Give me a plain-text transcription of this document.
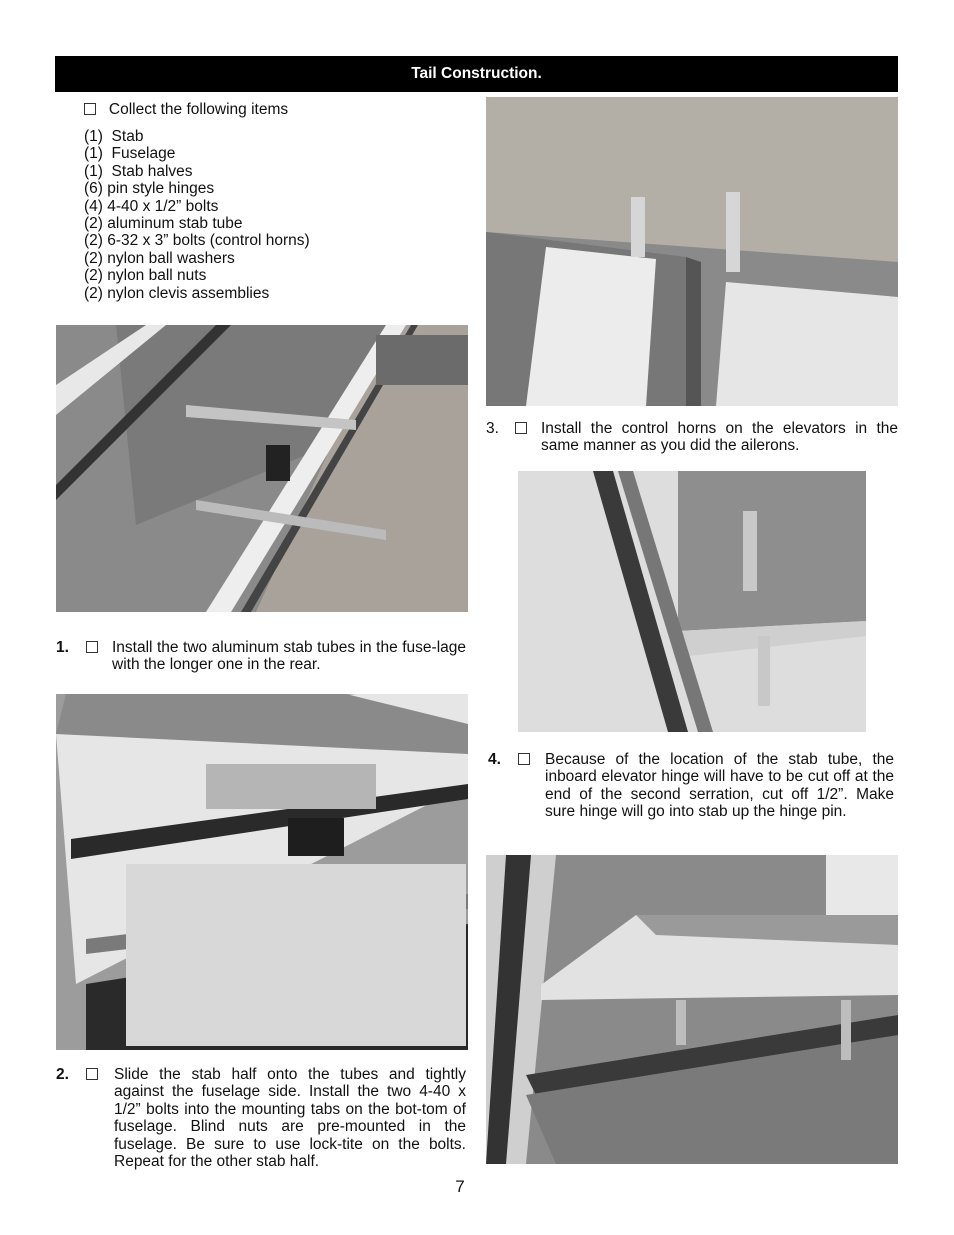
Tail Construction.
Collect the following items
(1)  Stab
(1)  Fuselage
(1)  Stab halves
(6) pin style hinges
(4) 4-40 x 1/2” bolts
(2) aluminum stab tube
(2) 6-32 x 3” bolts (control horns)
(2) nylon ball washers
(2) nylon ball nuts
(2) nylon clevis assemblies
1.	Install the two aluminum stab tubes in the fuse-lage with the longer one in the rear.
2.	Slide the stab half onto the tubes and tightly against the fuselage side. Install the two 4-40 x 1/2” bolts into the mounting tabs on the bot-tom of fuselage. Blind nuts are pre-mounted in the fuselage. Be sure to use lock-tite on the bolts. Repeat for the other stab half.
3.	Install the control horns on the elevators in the same manner as you did the ailerons.
4.	Because of the location of the stab tube, the inboard elevator hinge will have to be cut off at the end of the second serration, cut off 1/2”. Make sure hinge will go into stab up the hinge pin.
7
